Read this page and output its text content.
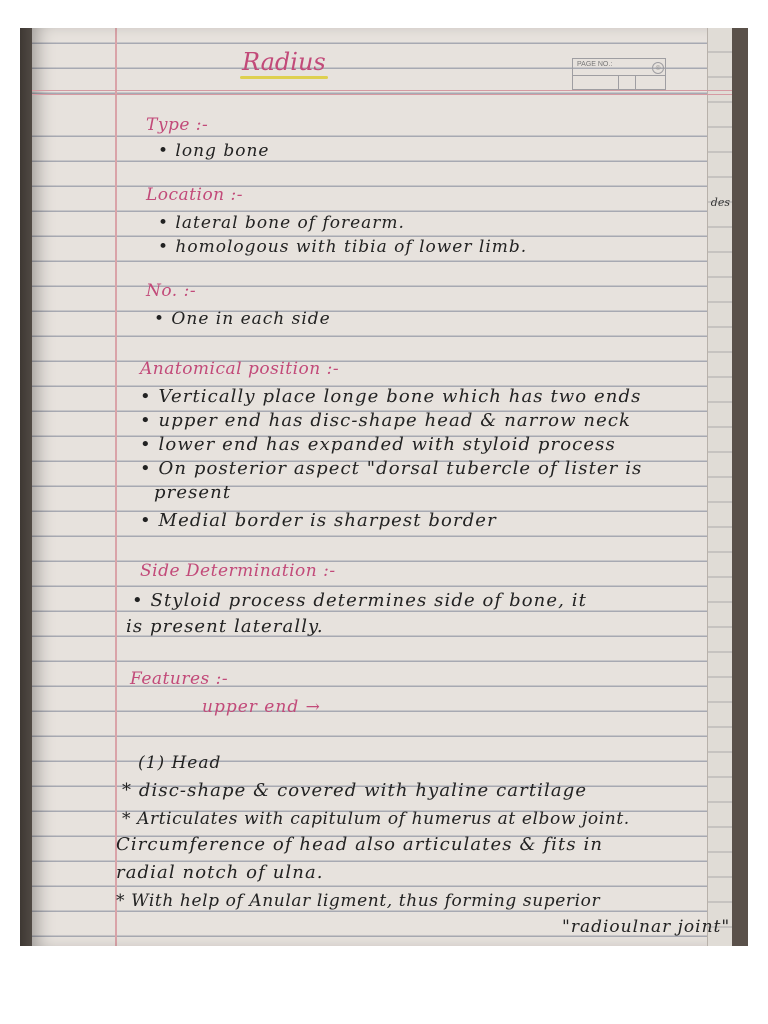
des
Radius	PAGE NO.:	◎
Type :-
• long bone
Location :-
• lateral bone of forearm.
• homologous with tibia of lower limb.
No. :-
• One in each side
Anatomical position :-
• Vertically place longe bone which has two ends
• upper end has disc-shape head & narrow neck
• lower end has expanded with styloid process
• On posterior aspect "dorsal tubercle of lister is
present
• Medial border is sharpest border
Side Determination :-
• Styloid process determines side of bone, it
is present laterally.
Features :-
upper end →
(1) Head
* disc-shape & covered with hyaline cartilage
* Articulates with capitulum of humerus at elbow joint.
Circumference of head also articulates & fits in
radial notch of ulna.
* With help of Anular ligment, thus forming superior
"radioulnar joint"
